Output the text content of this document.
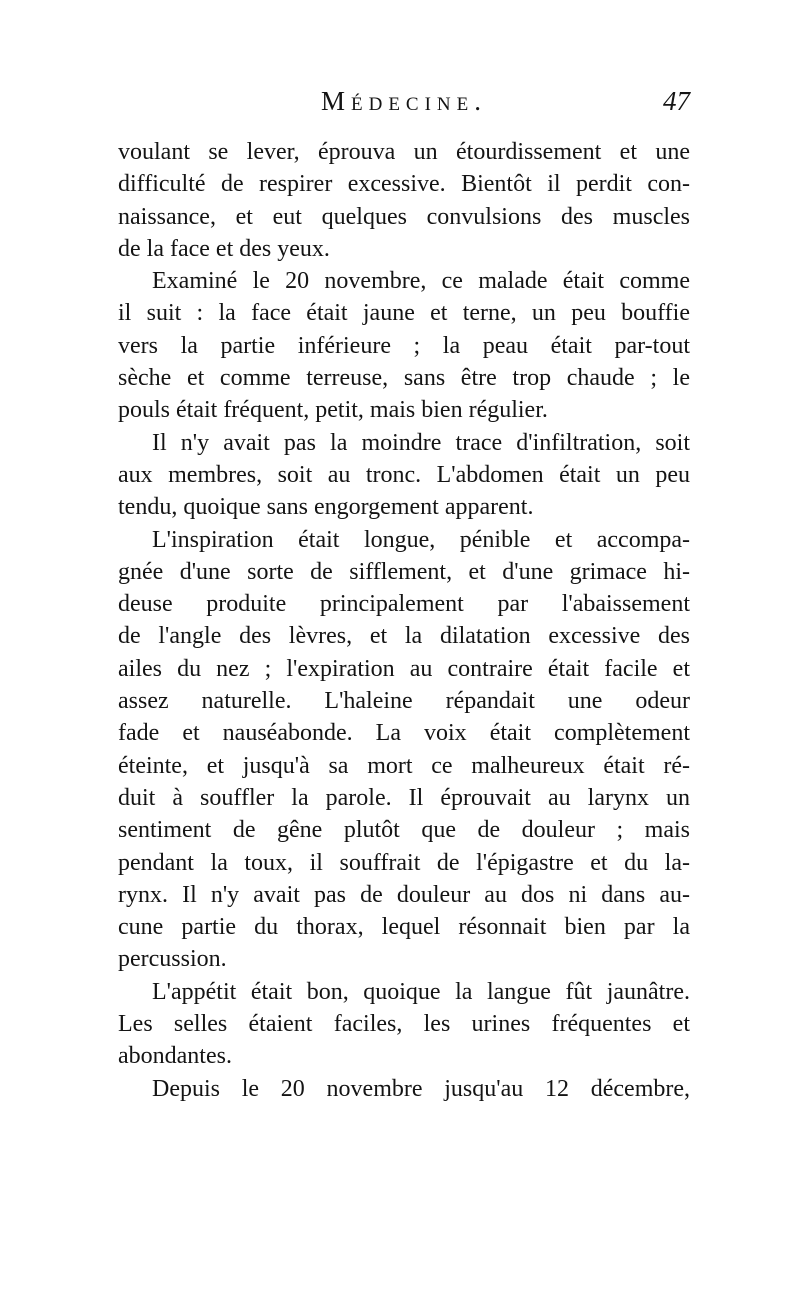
Médecine.	47
voulant se lever, éprouva un étourdissement et une
difficulté de respirer excessive. Bientôt il perdit con-
naissance, et eut quelques convulsions des muscles
de la face et des yeux.
Examiné le 20 novembre, ce malade était comme
il suit : la face était jaune et terne, un peu bouffie
vers la partie inférieure ; la peau était par-tout
sèche et comme terreuse, sans être trop chaude ; le
pouls était fréquent, petit, mais bien régulier.
Il n'y avait pas la moindre trace d'infiltration, soit
aux membres, soit au tronc. L'abdomen était un peu
tendu, quoique sans engorgement apparent.
L'inspiration était longue, pénible et accompa-
gnée d'une sorte de sifflement, et d'une grimace hi-
deuse produite principalement par l'abaissement
de l'angle des lèvres, et la dilatation excessive des
ailes du nez ; l'expiration au contraire était facile et
assez naturelle. L'haleine répandait une odeur
fade et nauséabonde. La voix était complètement
éteinte, et jusqu'à sa mort ce malheureux était ré-
duit à souffler la parole. Il éprouvait au larynx un
sentiment de gêne plutôt que de douleur ; mais
pendant la toux, il souffrait de l'épigastre et du la-
rynx. Il n'y avait pas de douleur au dos ni dans au-
cune partie du thorax, lequel résonnait bien par la
percussion.
L'appétit était bon, quoique la langue fût jaunâtre.
Les selles étaient faciles, les urines fréquentes et
abondantes.
Depuis le 20 novembre jusqu'au 12 décembre,
